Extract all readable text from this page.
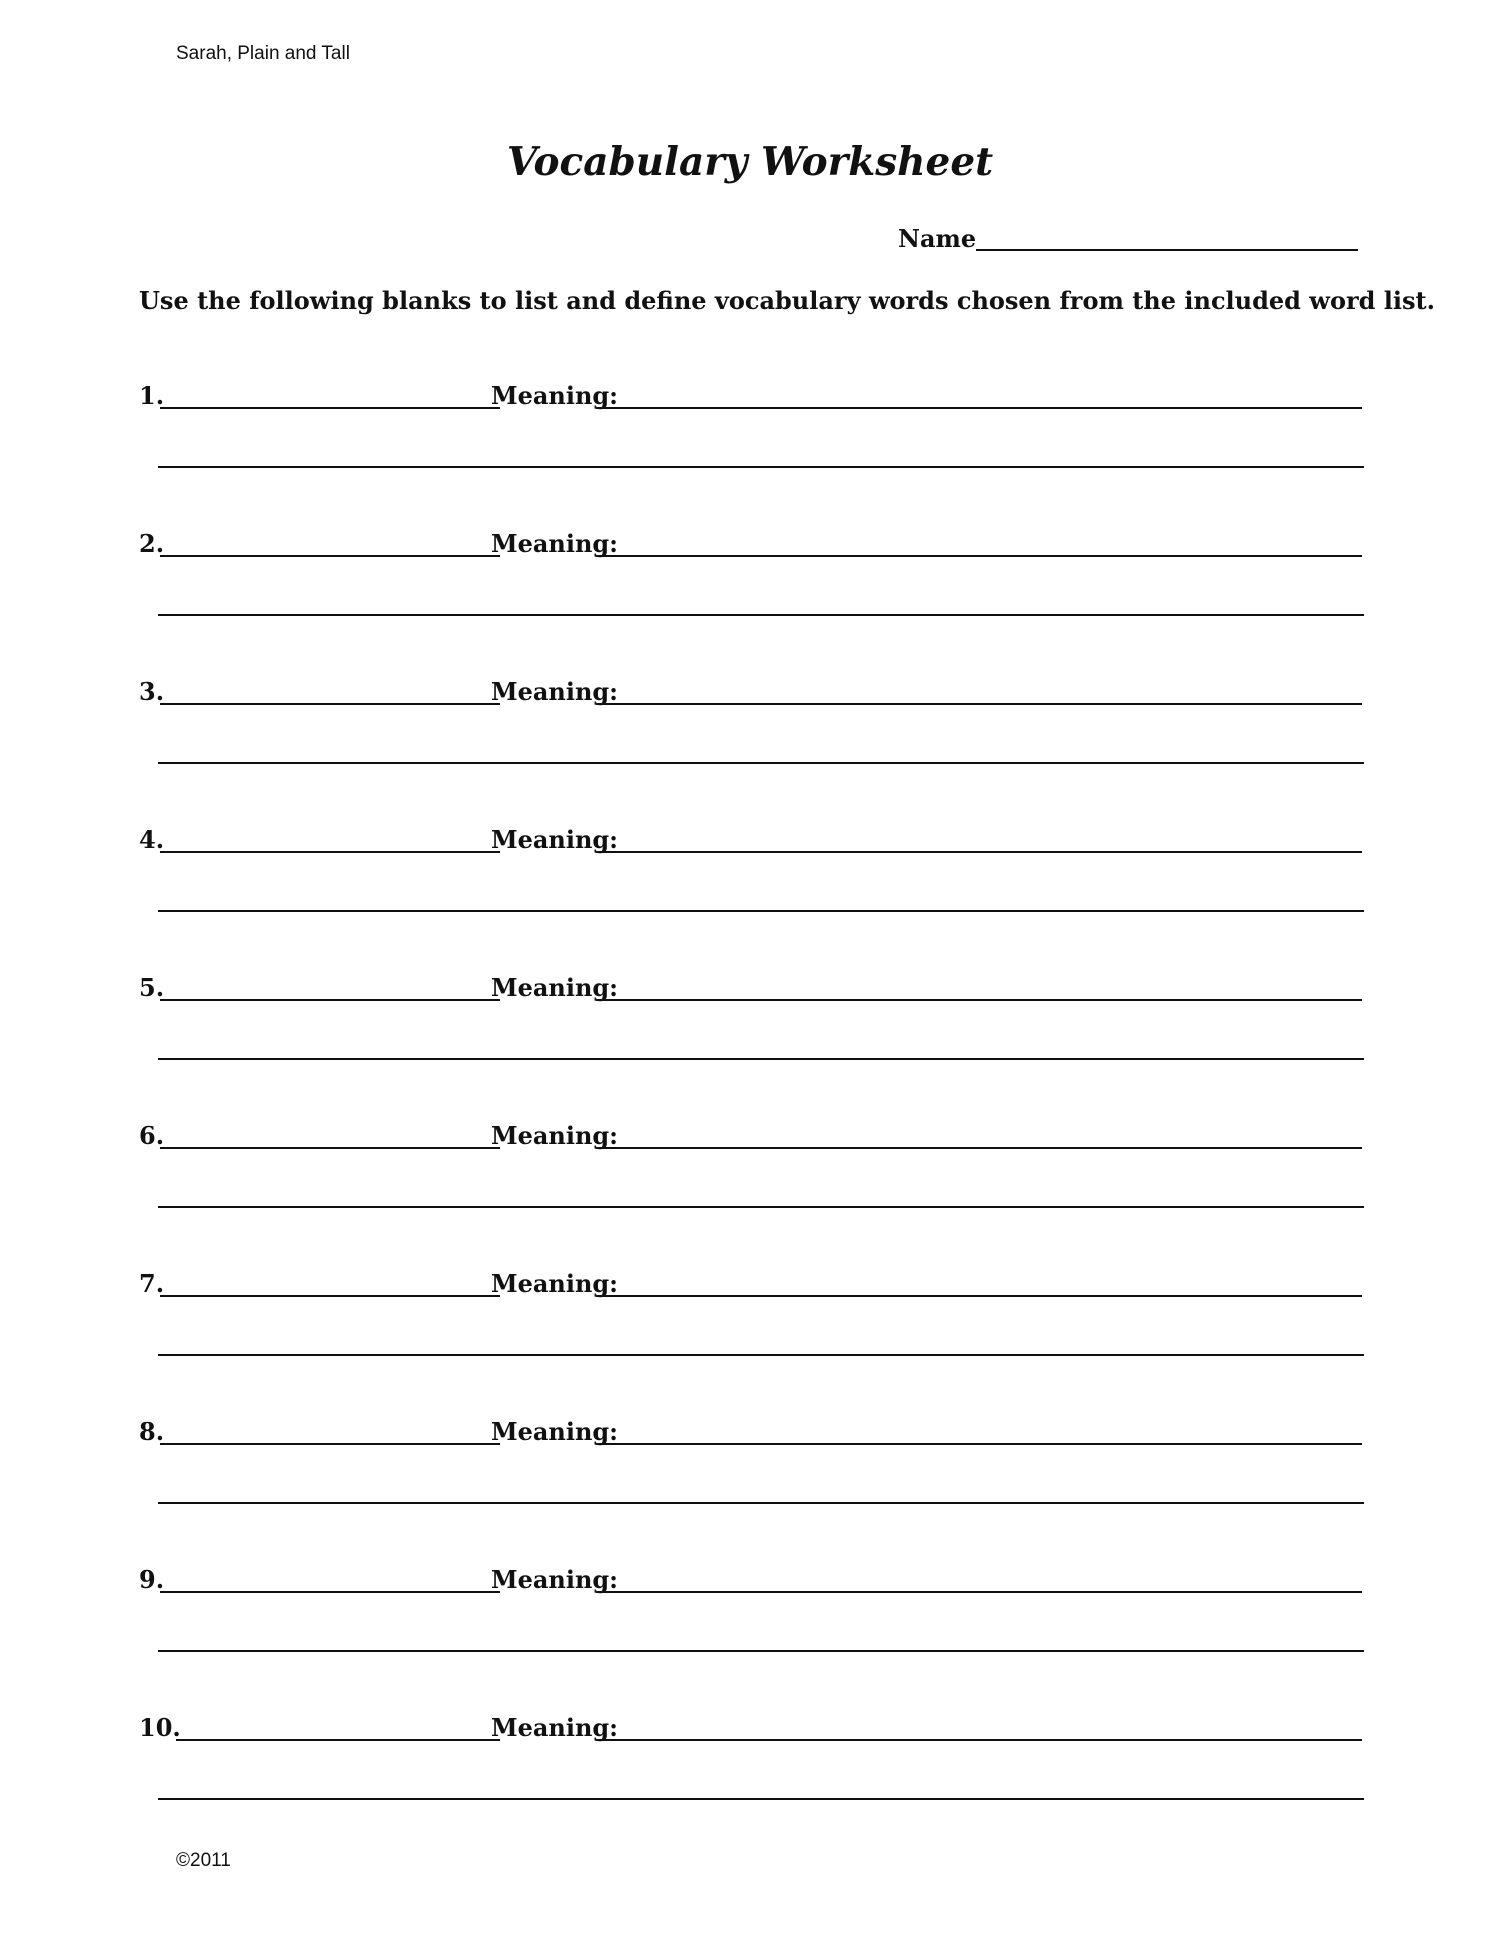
Sarah, Plain and Tall
Vocabulary Worksheet
Name
Use the following blanks to list and define vocabulary words chosen from the included word list.
1.	Meaning:
2.	Meaning:
3.	Meaning:
4.	Meaning:
5.	Meaning:
6.	Meaning:
7.	Meaning:
8.	Meaning:
9.	Meaning:
10.	Meaning:
©2011
